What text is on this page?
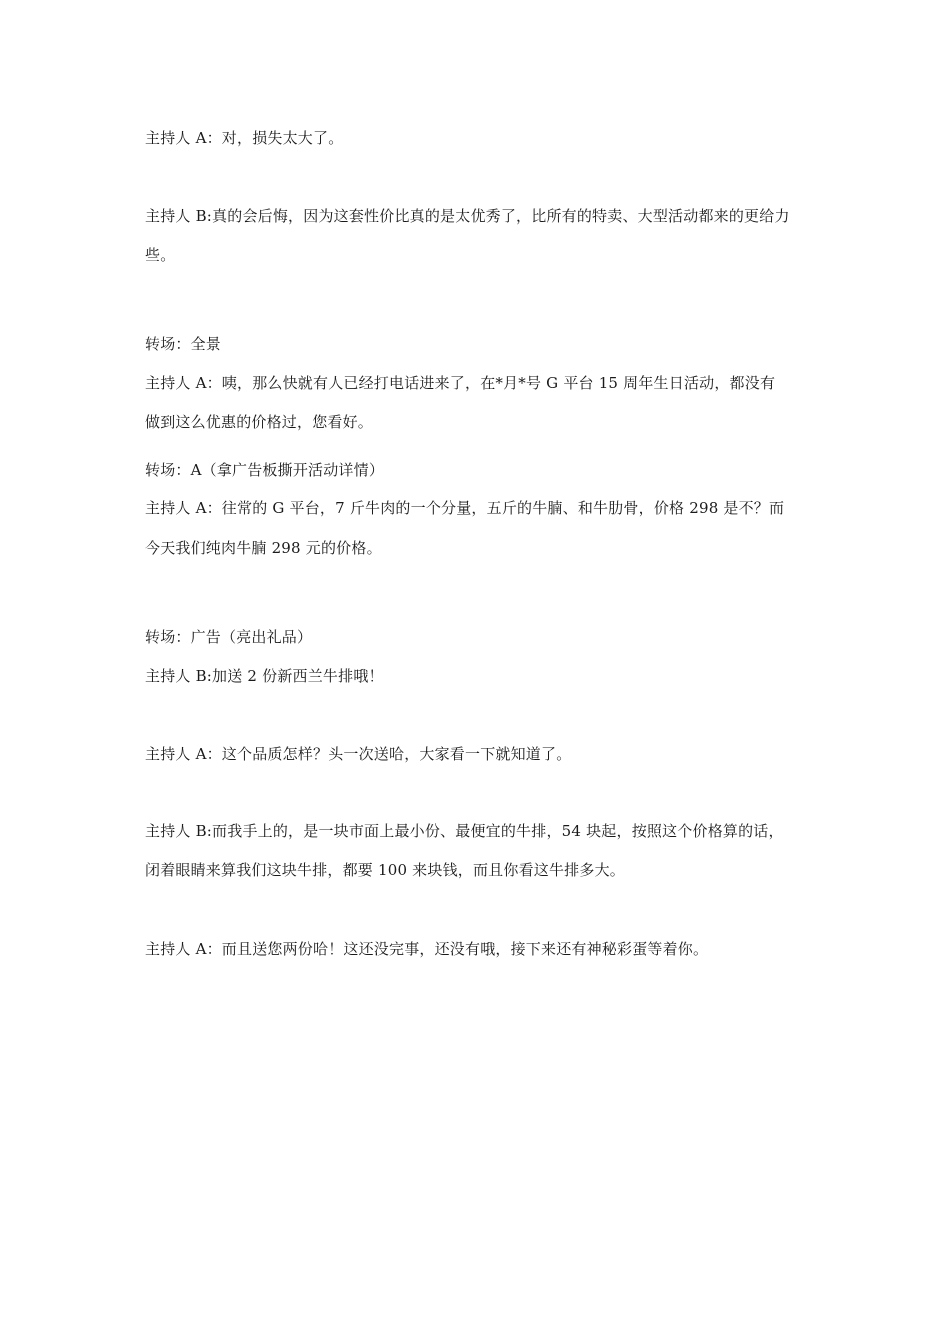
主持人 A：对，损失太大了。
主持人 B:真的会后悔，因为这套性价比真的是太优秀了，比所有的特卖、大型活动都来的更给力
些。
转场：全景
主持人 A：咦，那么快就有人已经打电话进来了，在*月*号 G 平台 15 周年生日活动，都没有
做到这么优惠的价格过，您看好。
转场：A（拿广告板撕开活动详情）
主持人 A：往常的 G 平台，7 斤牛肉的一个分量，五斤的牛腩、和牛肋骨，价格 298 是不？而
今天我们纯肉牛腩 298 元的价格。
转场：广告（亮出礼品）
主持人 B:加送 2 份新西兰牛排哦！
主持人 A：这个品质怎样？头一次送哈，大家看一下就知道了。
主持人 B:而我手上的，是一块市面上最小份、最便宜的牛排，54 块起，按照这个价格算的话，
闭着眼睛来算我们这块牛排，都要 100 来块钱，而且你看这牛排多大。
主持人 A：而且送您两份哈！这还没完事，还没有哦，接下来还有神秘彩蛋等着你。
